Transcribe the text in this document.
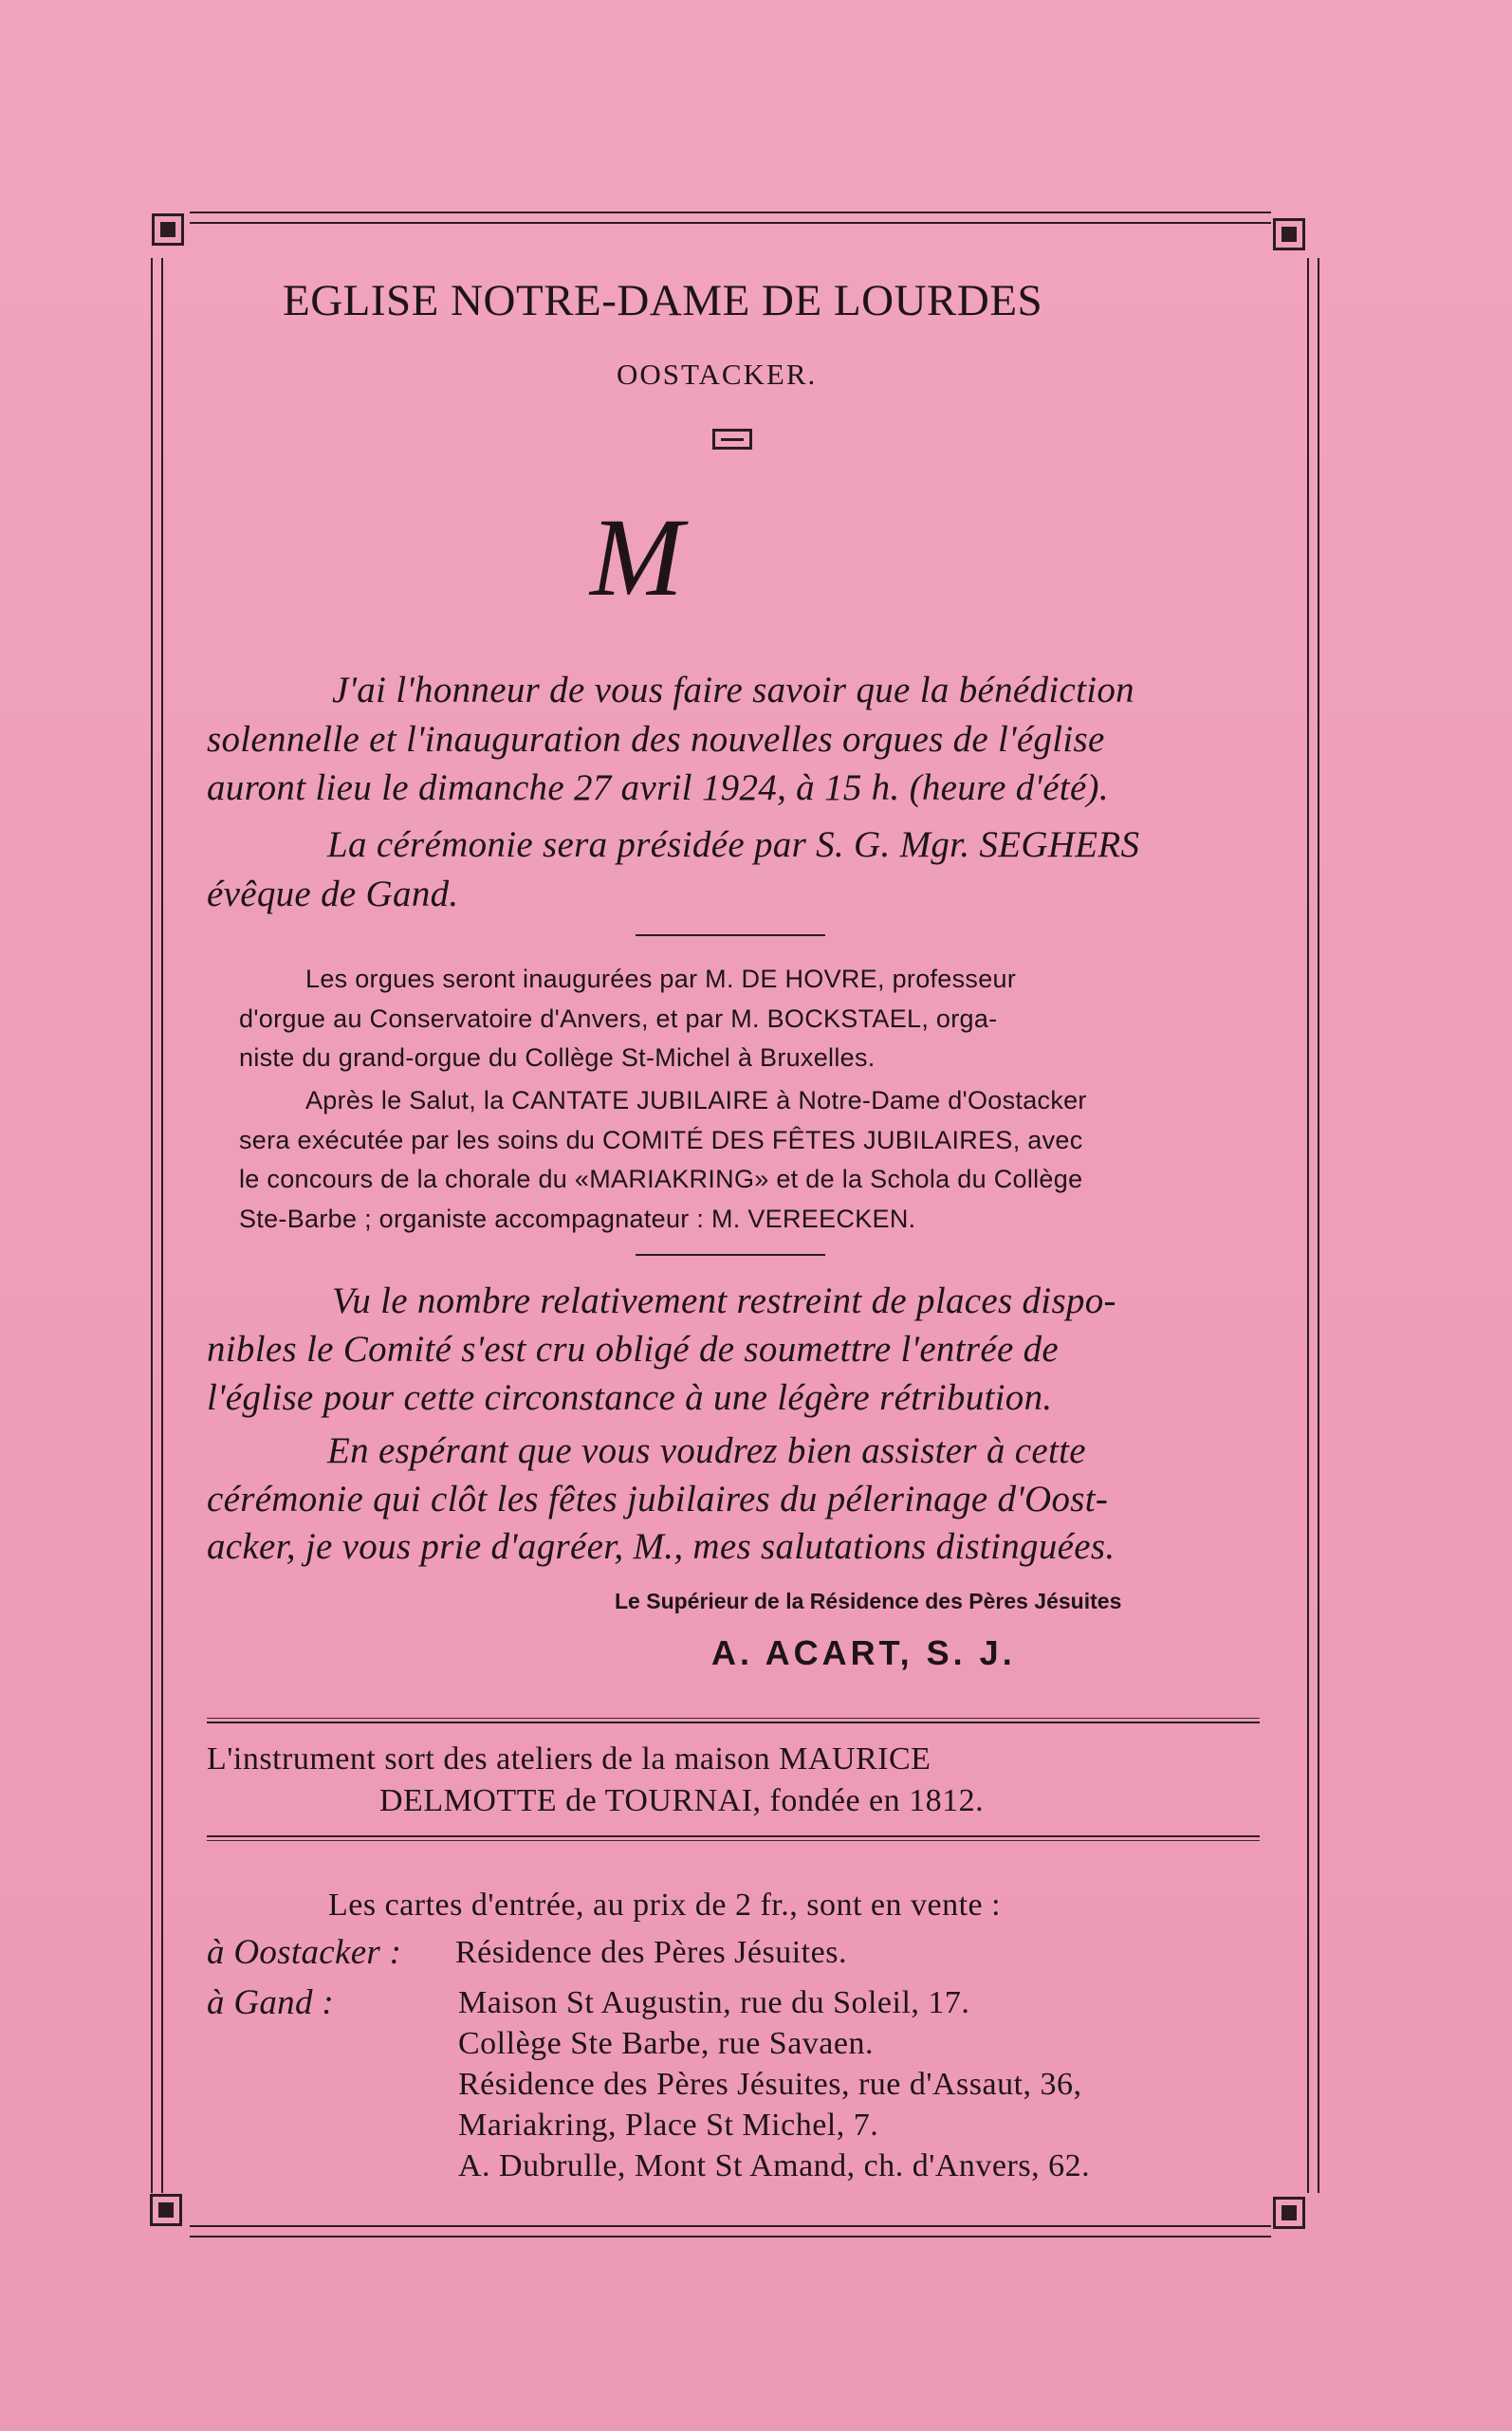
EGLISE NOTRE-DAME DE LOURDES
OOSTACKER.
M
J'ai l'honneur de vous faire savoir que la bénédiction
solennelle et l'inauguration des nouvelles orgues de l'église
auront lieu le dimanche 27 avril 1924, à 15 h. (heure d'été).
La cérémonie sera présidée par S. G. Mgr. SEGHERS
évêque de Gand.
Les orgues seront inaugurées par M. DE HOVRE, professeur
d'orgue au Conservatoire d'Anvers, et par M. BOCKSTAEL, orga-
niste du grand-orgue du Collège St-Michel à Bruxelles.
Après le Salut, la CANTATE JUBILAIRE à Notre-Dame d'Oostacker
sera exécutée par les soins du COMITÉ DES FÊTES JUBILAIRES, avec
le concours de la chorale du «MARIAKRING» et de la Schola du Collège
Ste-Barbe ; organiste accompagnateur : M. VEREECKEN.
Vu le nombre relativement restreint de places dispo-
nibles le Comité s'est cru obligé de soumettre l'entrée de
l'église pour cette circonstance à une légère rétribution.
En espérant que vous voudrez bien assister à cette
cérémonie qui clôt les fêtes jubilaires du pélerinage d'Oost-
acker, je vous prie d'agréer, M., mes salutations distinguées.
Le Supérieur de la Résidence des Pères Jésuites
A. ACART, S. J.
L'instrument sort des ateliers de la maison MAURICE
DELMOTTE de TOURNAI, fondée en 1812.
Les cartes d'entrée, au prix de 2 fr., sont en vente :
à Oostacker : Résidence des Pères Jésuites.
à Gand :	Maison St Augustin, rue du Soleil, 17.
Collège Ste Barbe, rue Savaen.
Résidence des Pères Jésuites, rue d'Assaut, 36,
Mariakring, Place St Michel, 7.
A. Dubrulle, Mont St Amand, ch. d'Anvers, 62.
